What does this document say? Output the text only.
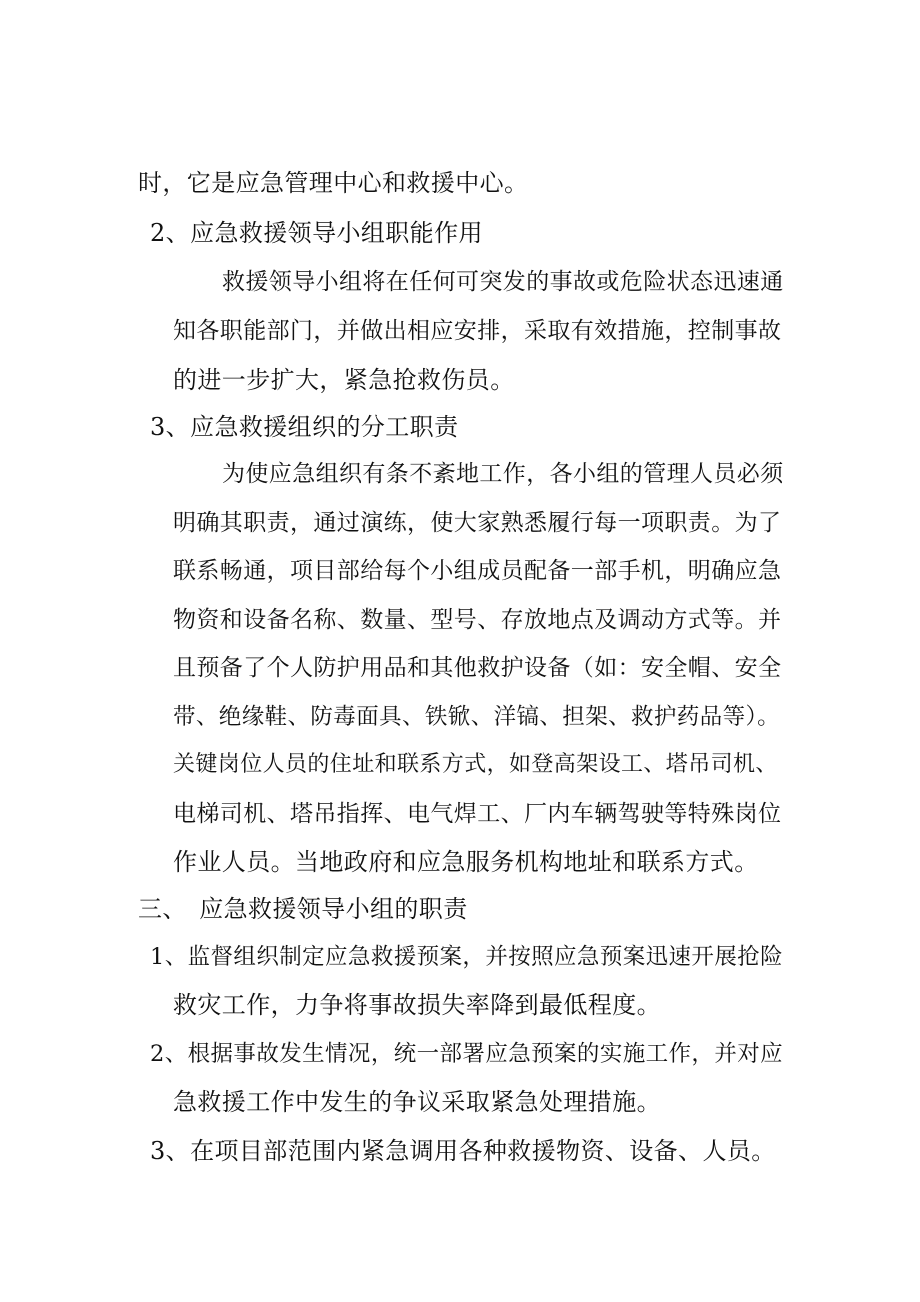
时，它是应急管理中心和救援中心。
2、应急救援领导小组职能作用
救援领导小组将在任何可突发的事故或危险状态迅速通
知各职能部门，并做出相应安排，采取有效措施，控制事故
的进一步扩大，紧急抢救伤员。
3、应急救援组织的分工职责
为使应急组织有条不紊地工作，各小组的管理人员必须
明确其职责，通过演练，使大家熟悉履行每一项职责。为了
联系畅通，项目部给每个小组成员配备一部手机，明确应急
物资和设备名称、数量、型号、存放地点及调动方式等。并
且预备了个人防护用品和其他救护设备（如：安全帽、安全
带、绝缘鞋、防毒面具、铁锨、洋镐、担架、救护药品等）。
关键岗位人员的住址和联系方式，如登高架设工、塔吊司机、
电梯司机、塔吊指挥、电气焊工、厂内车辆驾驶等特殊岗位
作业人员。当地政府和应急服务机构地址和联系方式。
三、　应急救援领导小组的职责
1、监督组织制定应急救援预案，并按照应急预案迅速开展抢险
救灾工作，力争将事故损失率降到最低程度。
2、根据事故发生情况，统一部署应急预案的实施工作，并对应
急救援工作中发生的争议采取紧急处理措施。
3、在项目部范围内紧急调用各种救援物资、设备、人员。
